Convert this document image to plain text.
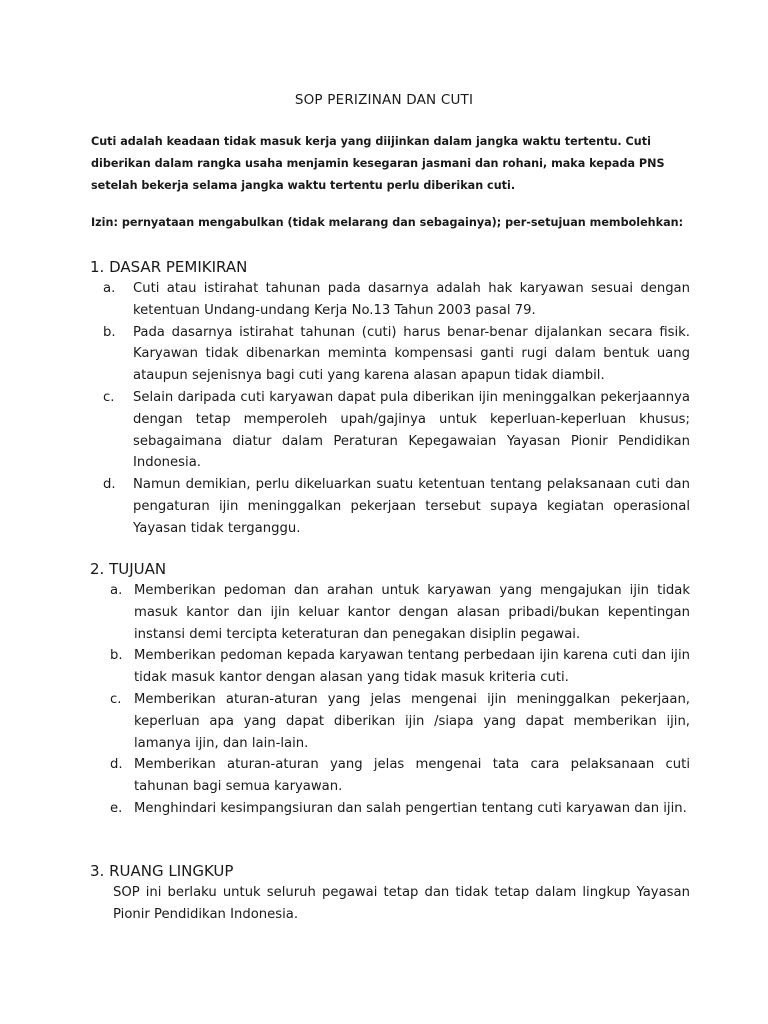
SOP PERIZINAN DAN CUTI
Cuti adalah keadaan tidak masuk kerja yang diijinkan dalam jangka waktu tertentu. Cuti diberikan dalam rangka usaha menjamin kesegaran jasmani dan rohani, maka kepada PNS setelah bekerja selama jangka waktu tertentu perlu diberikan cuti.
Izin: pernyataan mengabulkan (tidak melarang dan sebagainya); per-setujuan membolehkan:
1. DASAR PEMIKIRAN
a. Cuti atau istirahat tahunan pada dasarnya adalah hak karyawan sesuai dengan ketentuan Undang-undang Kerja No.13 Tahun 2003 pasal 79.
b. Pada dasarnya istirahat tahunan (cuti) harus benar-benar dijalankan secara fisik. Karyawan tidak dibenarkan meminta kompensasi ganti rugi dalam bentuk uang ataupun sejenisnya bagi cuti yang karena alasan apapun tidak diambil.
c. Selain daripada cuti karyawan dapat pula diberikan ijin meninggalkan pekerjaannya dengan tetap memperoleh upah/gajinya untuk keperluan-keperluan khusus; sebagaimana diatur dalam Peraturan Kepegawaian Yayasan Pionir Pendidikan Indonesia.
d. Namun demikian, perlu dikeluarkan suatu ketentuan tentang pelaksanaan cuti dan pengaturan ijin meninggalkan pekerjaan tersebut supaya kegiatan operasional Yayasan tidak terganggu.
2. TUJUAN
a. Memberikan pedoman dan arahan untuk karyawan yang mengajukan ijin tidak masuk kantor dan ijin keluar kantor dengan alasan pribadi/bukan kepentingan instansi demi tercipta keteraturan dan penegakan disiplin pegawai.
b. Memberikan pedoman kepada karyawan tentang perbedaan ijin karena cuti dan ijin tidak masuk kantor dengan alasan yang tidak masuk kriteria cuti.
c. Memberikan aturan-aturan yang jelas mengenai ijin meninggalkan pekerjaan, keperluan apa yang dapat diberikan ijin /siapa yang dapat memberikan ijin, lamanya ijin, dan lain-lain.
d. Memberikan aturan-aturan yang jelas mengenai tata cara pelaksanaan cuti tahunan bagi semua karyawan.
e. Menghindari kesimpangsiuran dan salah pengertian tentang cuti karyawan dan ijin.
3. RUANG LINGKUP
SOP ini berlaku untuk seluruh pegawai tetap dan tidak tetap dalam lingkup Yayasan Pionir Pendidikan Indonesia.
